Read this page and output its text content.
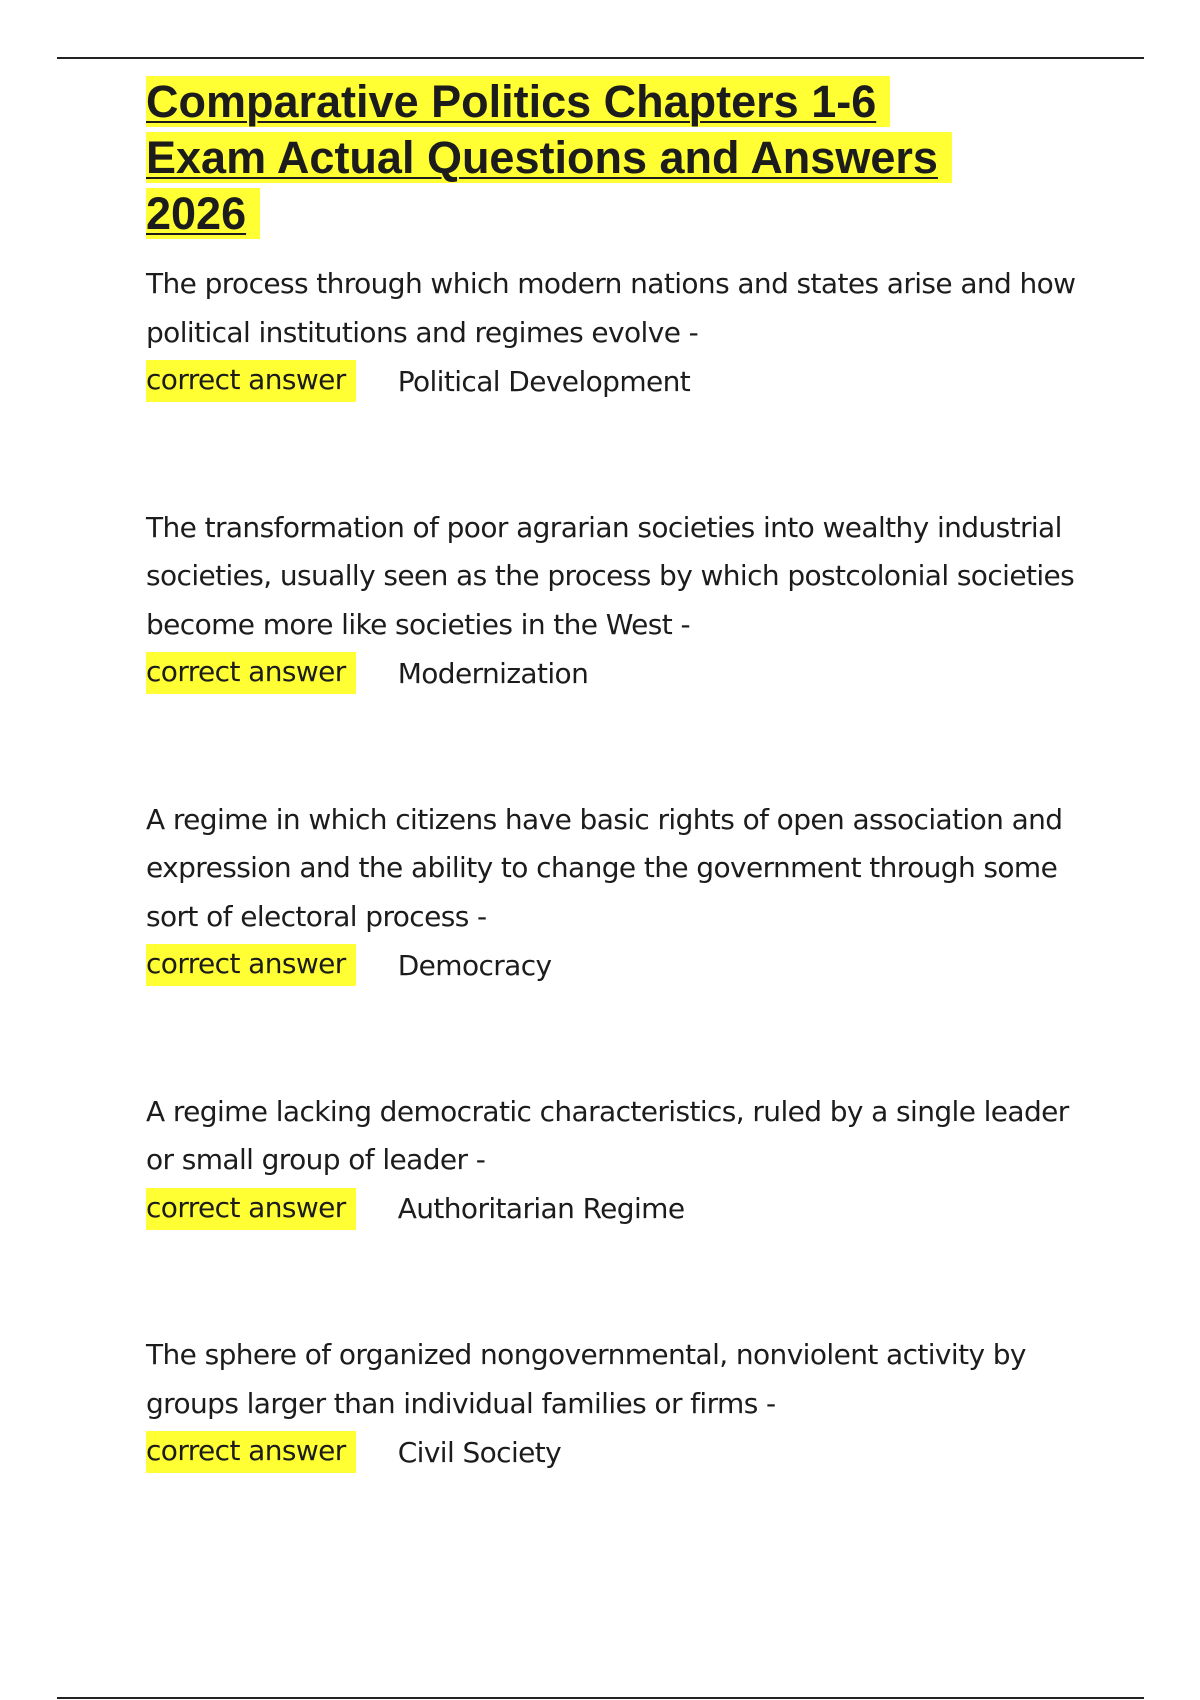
Comparative Politics Chapters 1-6
Exam Actual Questions and Answers
2026

The process through which modern nations and states arise and how political institutions and regimes evolve -

correct answer	Political Development

The transformation of poor agrarian societies into wealthy industrial societies, usually seen as the process by which postcolonial societies become more like societies in the West -

correct answer	Modernization

A regime in which citizens have basic rights of open association and expression and the ability to change the government through some sort of electoral process -

correct answer	Democracy

A regime lacking democratic characteristics, ruled by a single leader or small group of leader -

correct answer	Authoritarian Regime

The sphere of organized nongovernmental, nonviolent activity by groups larger than individual families or firms -

correct answer	Civil Society
